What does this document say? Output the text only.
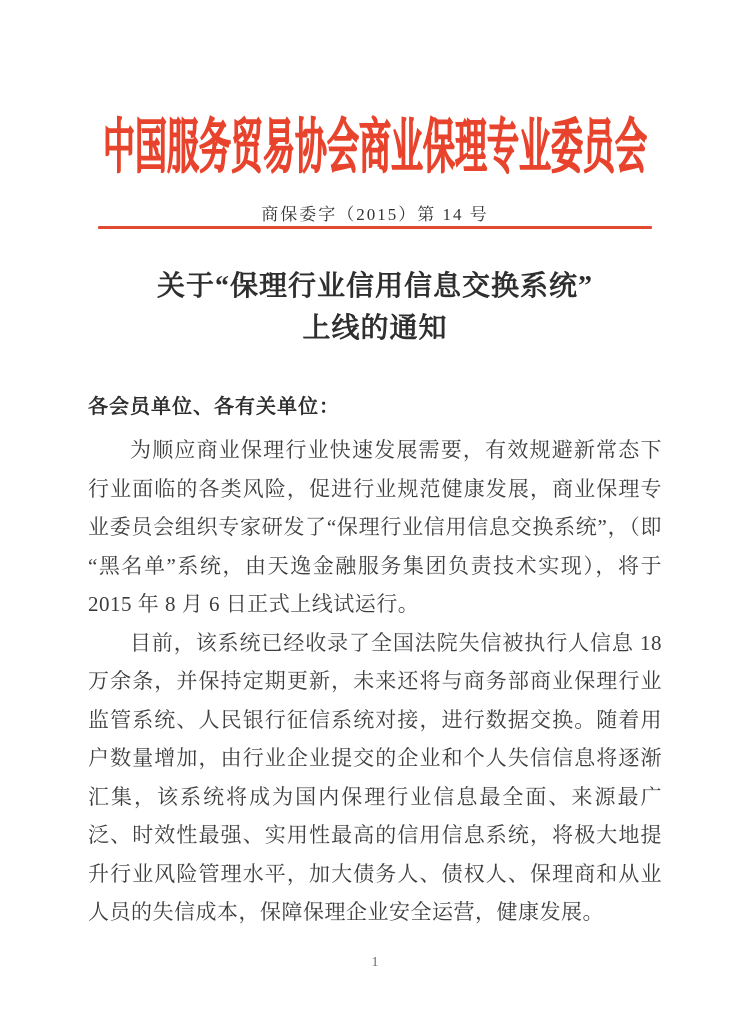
中国服务贸易协会商业保理专业委员会
商保委字（2015）第 14 号
关于“保理行业信用信息交换系统”
上线的通知

各会员单位、各有关单位：

为顺应商业保理行业快速发展需要，有效规避新常态下行业面临的各类风险，促进行业规范健康发展，商业保理专业委员会组织专家研发了“保理行业信用信息交换系统”，（即“黑名单”系统，由天逸金融服务集团负责技术实现），将于 2015 年 8 月 6 日正式上线试运行。

目前，该系统已经收录了全国法院失信被执行人信息 18 万余条，并保持定期更新，未来还将与商务部商业保理行业监管系统、人民银行征信系统对接，进行数据交换。随着用户数量增加，由行业企业提交的企业和个人失信信息将逐渐汇集，该系统将成为国内保理行业信息最全面、来源最广泛、时效性最强、实用性最高的信用信息系统，将极大地提升行业风险管理水平，加大债务人、债权人、保理商和从业人员的失信成本，保障保理企业安全运营，健康发展。

1
